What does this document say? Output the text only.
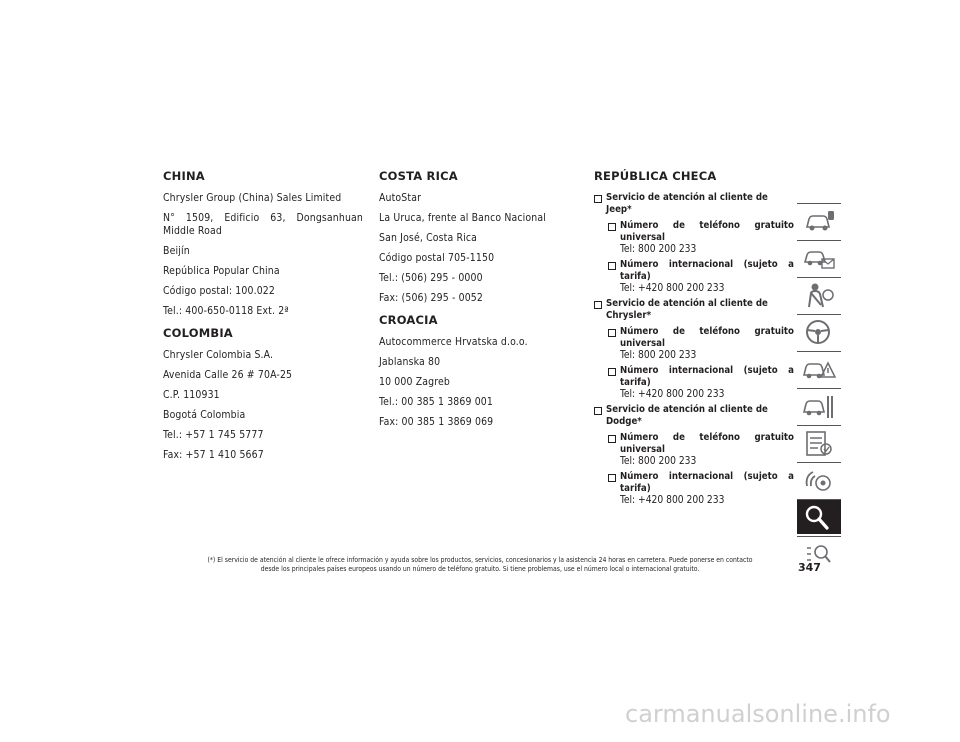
CHINA

Chrysler Group (China) Sales Limited

N° 1509, Edificio 63, Dongsanhuan Middle Road

Beijín

República Popular China

Código postal: 100.022

Tel.: 400-650-0118 Ext. 2ª

COLOMBIA

Chrysler Colombia S.A.

Avenida Calle 26 # 70A-25

C.P. 110931

Bogotá Colombia

Tel.: +57 1 745 5777

Fax: +57 1 410 5667

COSTA RICA

AutoStar

La Uruca, frente al Banco Nacional

San José, Costa Rica

Código postal 705-1150

Tel.: (506) 295 - 0000

Fax: (506) 295 - 0052

CROACIA

Autocommerce Hrvatska d.o.o.

Jablanska 80

10 000 Zagreb

Tel.: 00 385 1 3869 001

Fax: 00 385 1 3869 069

REPÚBLICA CHECA
Servicio de atención al cliente de Jeep*
Número de teléfono gratuito universal
Tel: 800 200 233
Número internacional (sujeto a tarifa)
Tel: +420 800 200 233
Servicio de atención al cliente de Chrysler*
Número de teléfono gratuito universal
Tel: 800 200 233
Número internacional (sujeto a tarifa)
Tel: +420 800 200 233
Servicio de atención al cliente de Dodge*
Número de teléfono gratuito universal
Tel: 800 200 233
Número internacional (sujeto a tarifa)
Tel: +420 800 200 233
(*) El servicio de atención al cliente le ofrece información y ayuda sobre los productos, servicios, concesionarios y la asistencia 24 horas en carretera. Puede ponerse en contacto
desde los principales países europeos usando un número de teléfono gratuito. Si tiene problemas, use el número local o internacional gratuito.	347
carmanualsonline.info
